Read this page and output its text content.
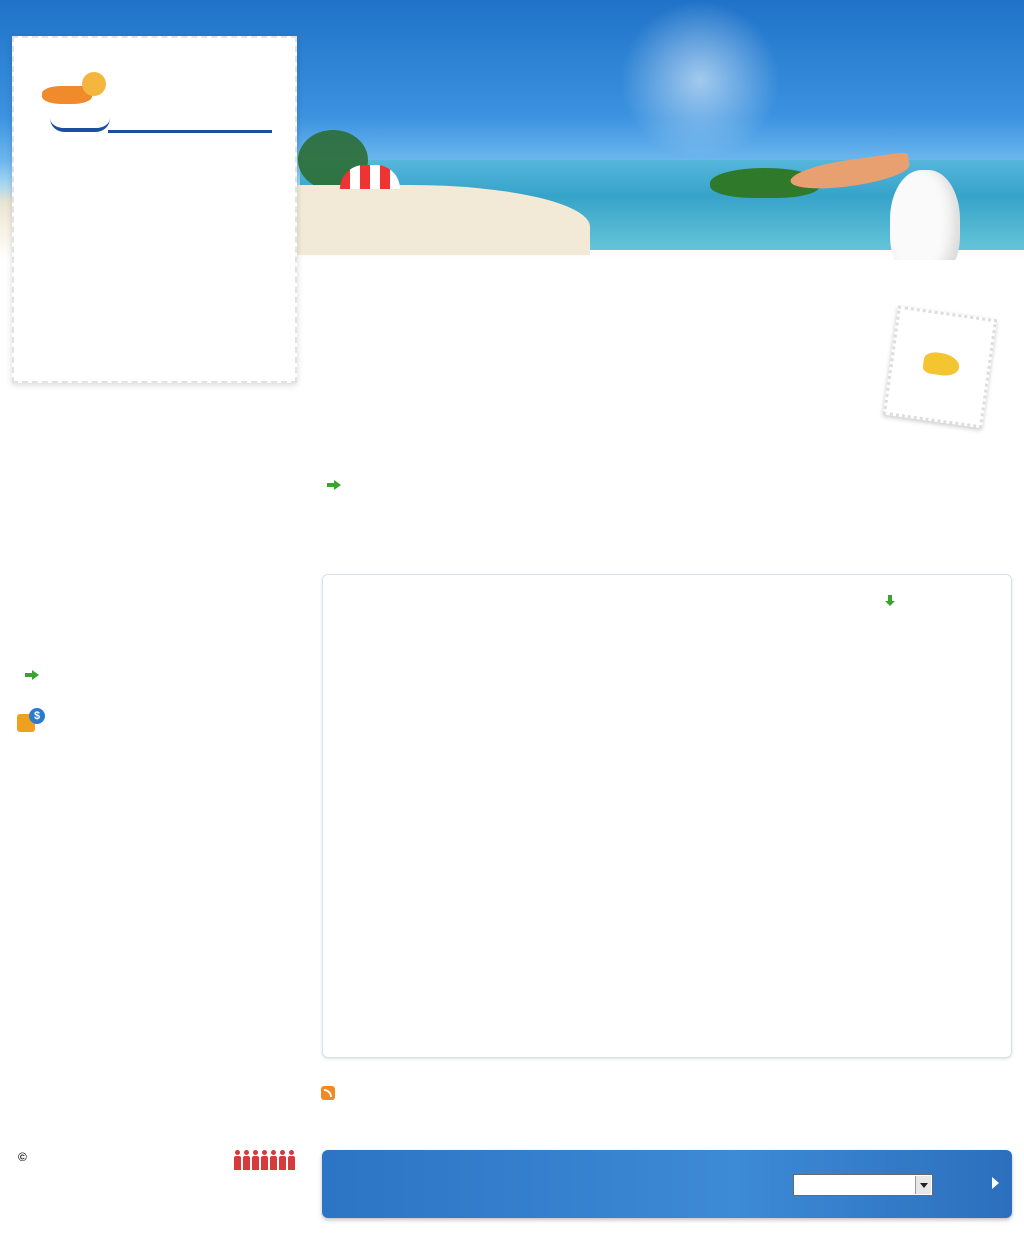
$

©
